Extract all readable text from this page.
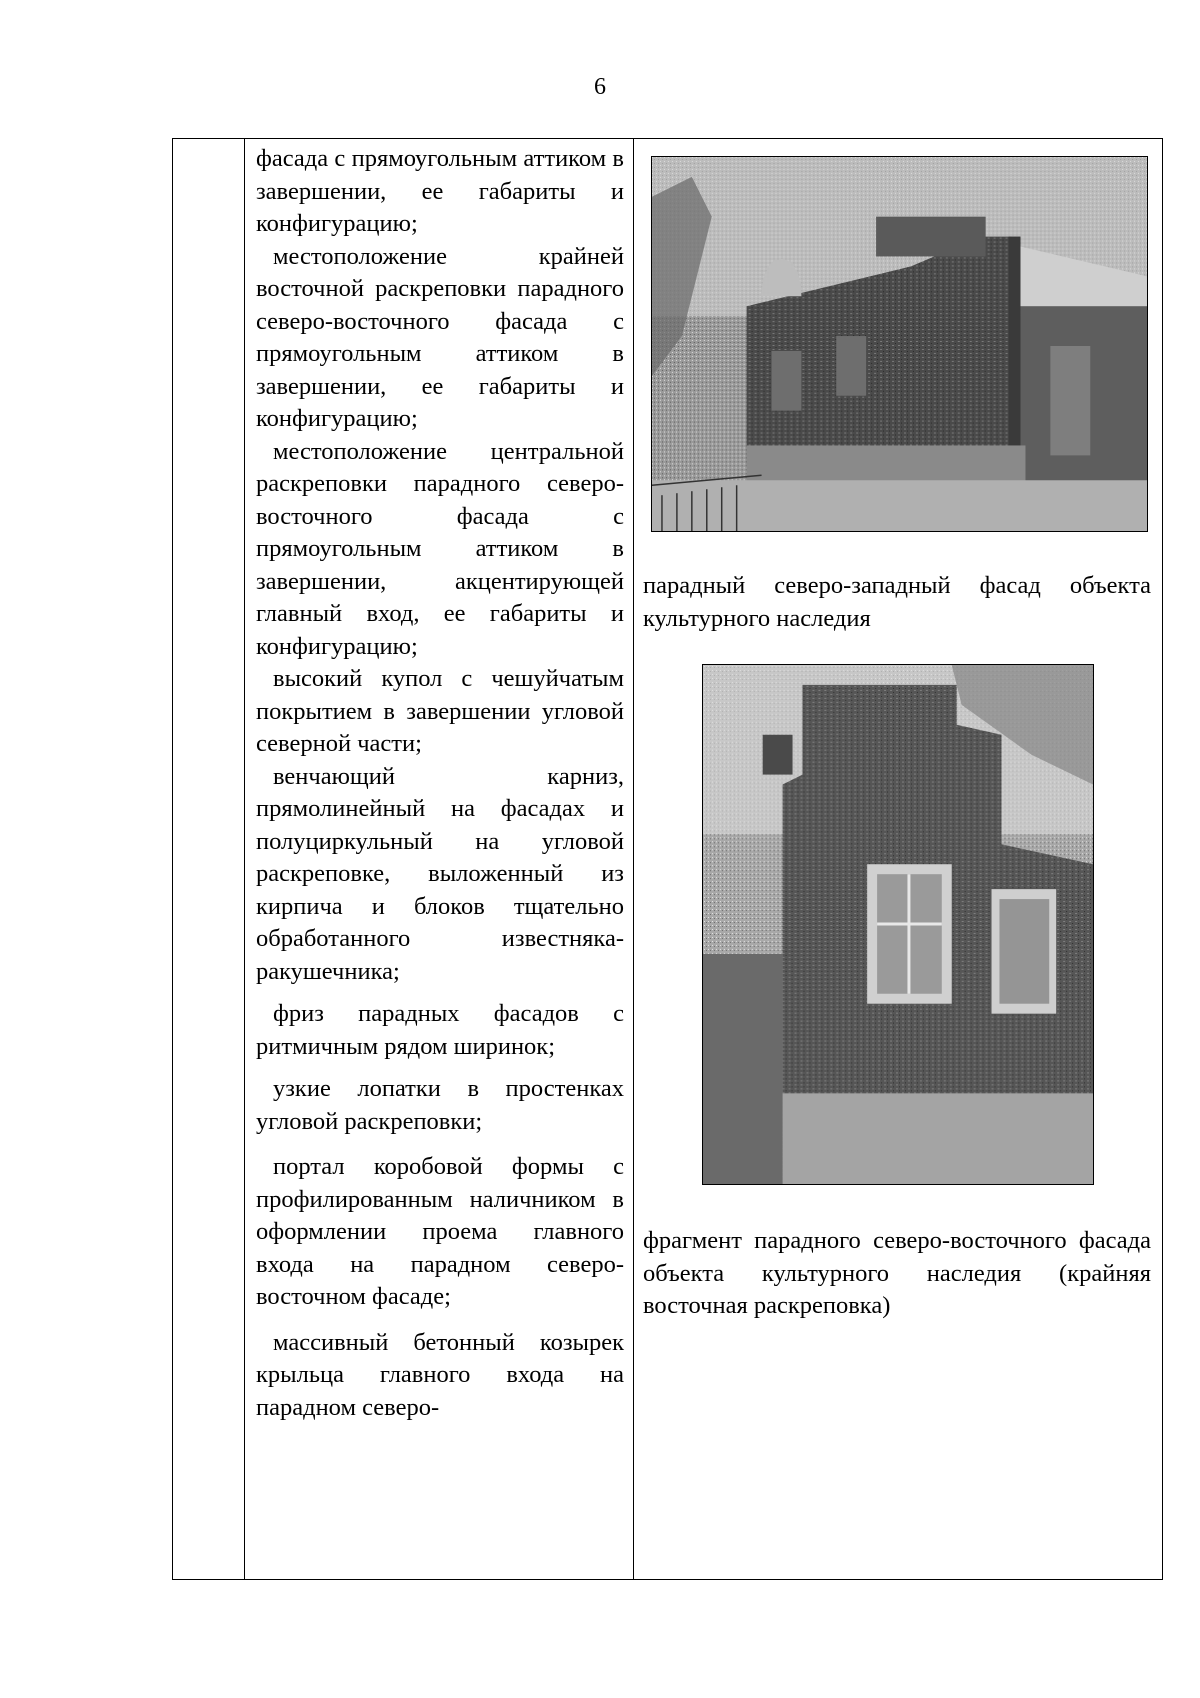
6

фасада с прямоугольным аттиком в завершении, ее габариты и конфигурацию;

местоположение крайней восточной раскреповки парадного северо-восточного фасада с прямоугольным аттиком в завершении, ее габариты и конфигурацию;

местоположение центральной раскреповки парадного северо-восточного фасада с прямоугольным аттиком в завершении, акцентирующей главный вход, ее габариты и конфигурацию;

высокий купол с чешуйчатым покрытием в завершении угловой северной части;

венчающий карниз, прямолинейный на фасадах и полуциркульный на угловой раскреповке, выложенный из кирпича и блоков тщательно обработанного известняка-ракушечника;

фриз парадных фасадов с ритмичным рядом ширинок;

узкие лопатки в простенках угловой раскреповки;

портал коробовой формы с профилированным наличником в оформлении проема главного входа на парадном северо-восточном фасаде;

массивный бетонный козырек крыльца главного входа на парадном северо-

парадный северо-западный фасад объекта культурного наследия
фрагмент парадного северо-восточного фасада объекта культурного наследия (крайняя восточная раскреповка)
